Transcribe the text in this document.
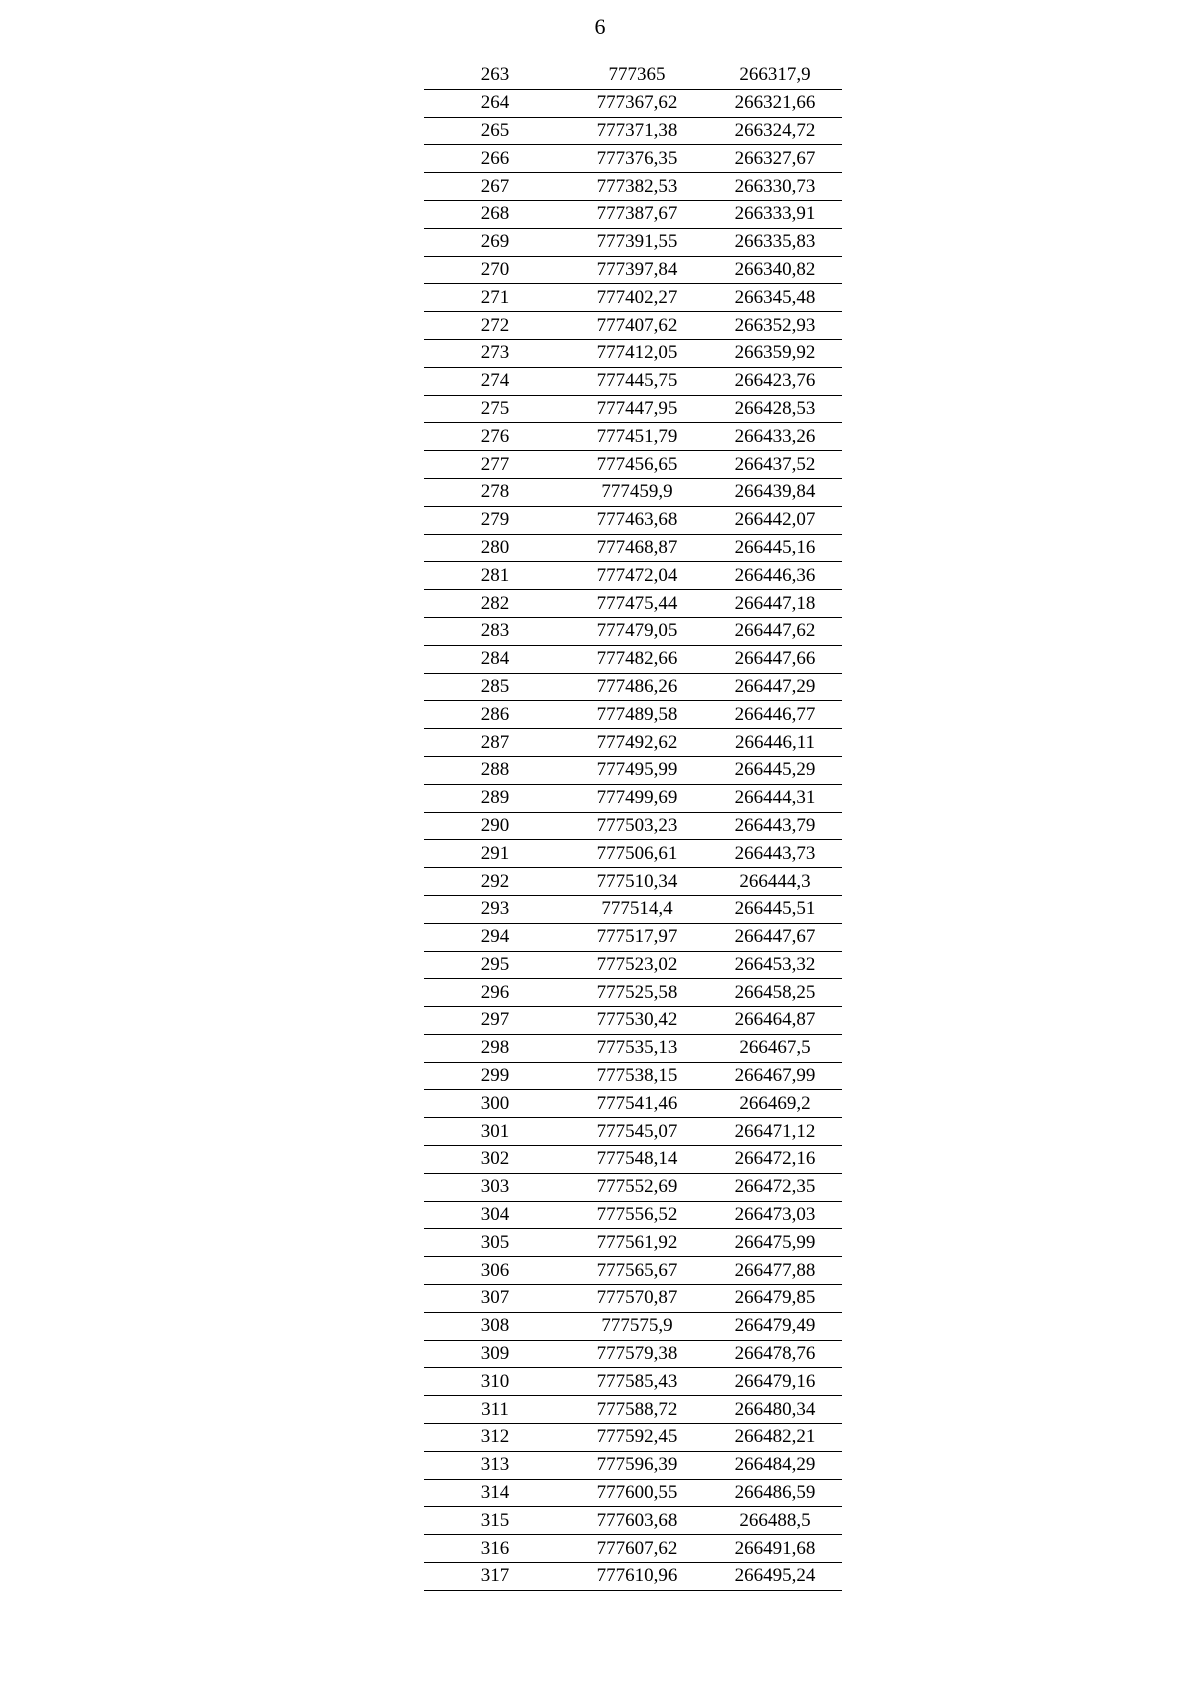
6
263	777365	266317,9
264	777367,62	266321,66
265	777371,38	266324,72
266	777376,35	266327,67
267	777382,53	266330,73
268	777387,67	266333,91
269	777391,55	266335,83
270	777397,84	266340,82
271	777402,27	266345,48
272	777407,62	266352,93
273	777412,05	266359,92
274	777445,75	266423,76
275	777447,95	266428,53
276	777451,79	266433,26
277	777456,65	266437,52
278	777459,9	266439,84
279	777463,68	266442,07
280	777468,87	266445,16
281	777472,04	266446,36
282	777475,44	266447,18
283	777479,05	266447,62
284	777482,66	266447,66
285	777486,26	266447,29
286	777489,58	266446,77
287	777492,62	266446,11
288	777495,99	266445,29
289	777499,69	266444,31
290	777503,23	266443,79
291	777506,61	266443,73
292	777510,34	266444,3
293	777514,4	266445,51
294	777517,97	266447,67
295	777523,02	266453,32
296	777525,58	266458,25
297	777530,42	266464,87
298	777535,13	266467,5
299	777538,15	266467,99
300	777541,46	266469,2
301	777545,07	266471,12
302	777548,14	266472,16
303	777552,69	266472,35
304	777556,52	266473,03
305	777561,92	266475,99
306	777565,67	266477,88
307	777570,87	266479,85
308	777575,9	266479,49
309	777579,38	266478,76
310	777585,43	266479,16
311	777588,72	266480,34
312	777592,45	266482,21
313	777596,39	266484,29
314	777600,55	266486,59
315	777603,68	266488,5
316	777607,62	266491,68
317	777610,96	266495,24
